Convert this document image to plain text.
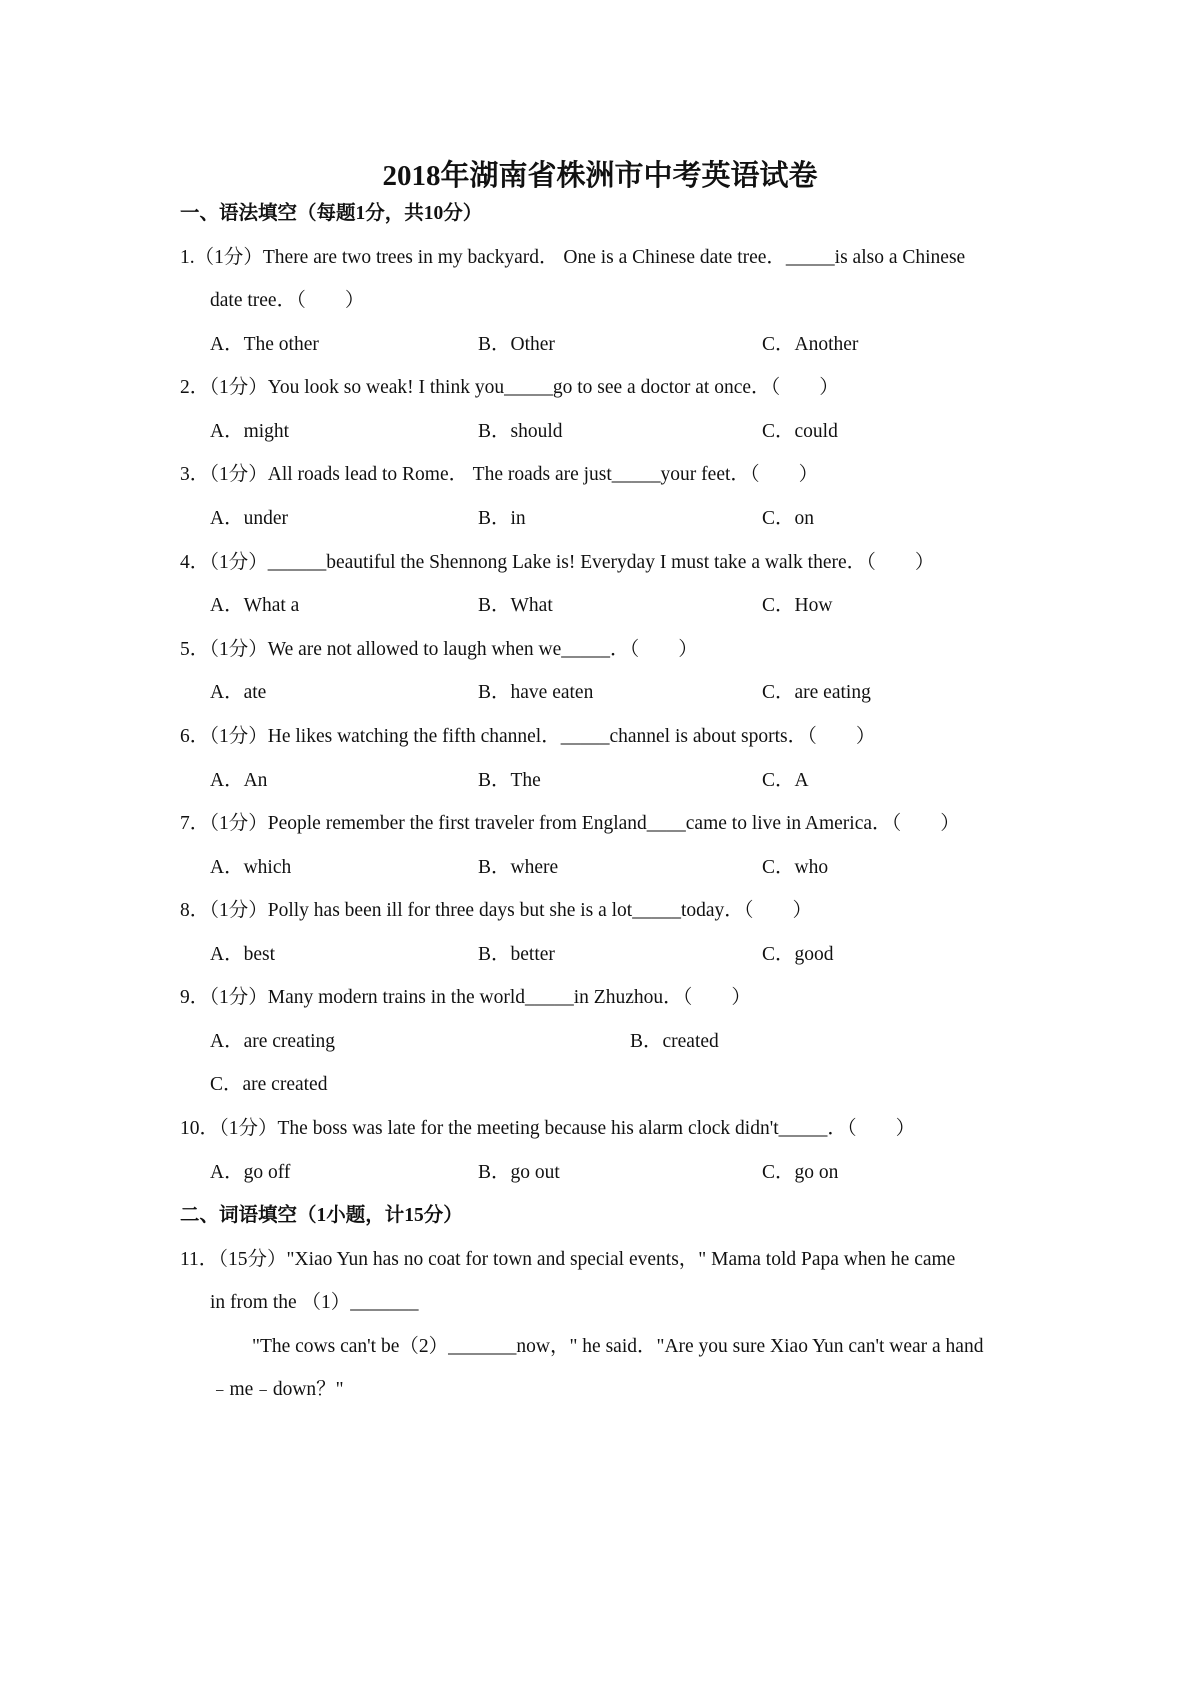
2018年湖南省株洲市中考英语试卷
一、语法填空（每题1分，共10分）
1.（1分）There are two trees in my backyard． One is a Chinese date tree．_____is also a Chinese
date tree．（　　）
A．The other	B．Other	C．Another
2．（1分）You look so weak! I think you_____go to see a doctor at once．（　　）
A．might	B．should	C．could
3．（1分）All roads lead to Rome． The roads are just_____your feet．（　　）
A．under	B．in	C．on
4．（1分）______beautiful the Shennong Lake is! Everyday I must take a walk there．（　　）
A．What a	B．What	C．How
5．（1分）We are not allowed to laugh when we_____．（　　）
A．ate	B．have eaten	C．are eating
6．（1分）He likes watching the fifth channel．_____channel is about sports．（　　）
A．An	B．The	C．A
7．（1分）People remember the first traveler from England____came to live in America．（　　）
A．which	B．where	C．who
8．（1分）Polly has been ill for three days but she is a lot_____today．（　　）
A．best	B．better	C．good
9．（1分）Many modern trains in the world_____in Zhuzhou．（　　）
A．are creating	B．created
C．are created
10．（1分）The boss was late for the meeting because his alarm clock didn't_____．（　　）
A．go off	B．go out	C．go on
二、词语填空（1小题，计15分）
11．（15分）"Xiao Yun has no coat for town and special events，" Mama told Papa when he came
in from the （1）_______
"The cows can't be（2）_______now，" he said．"Are you sure Xiao Yun can't wear a hand
﹣me﹣down？"
